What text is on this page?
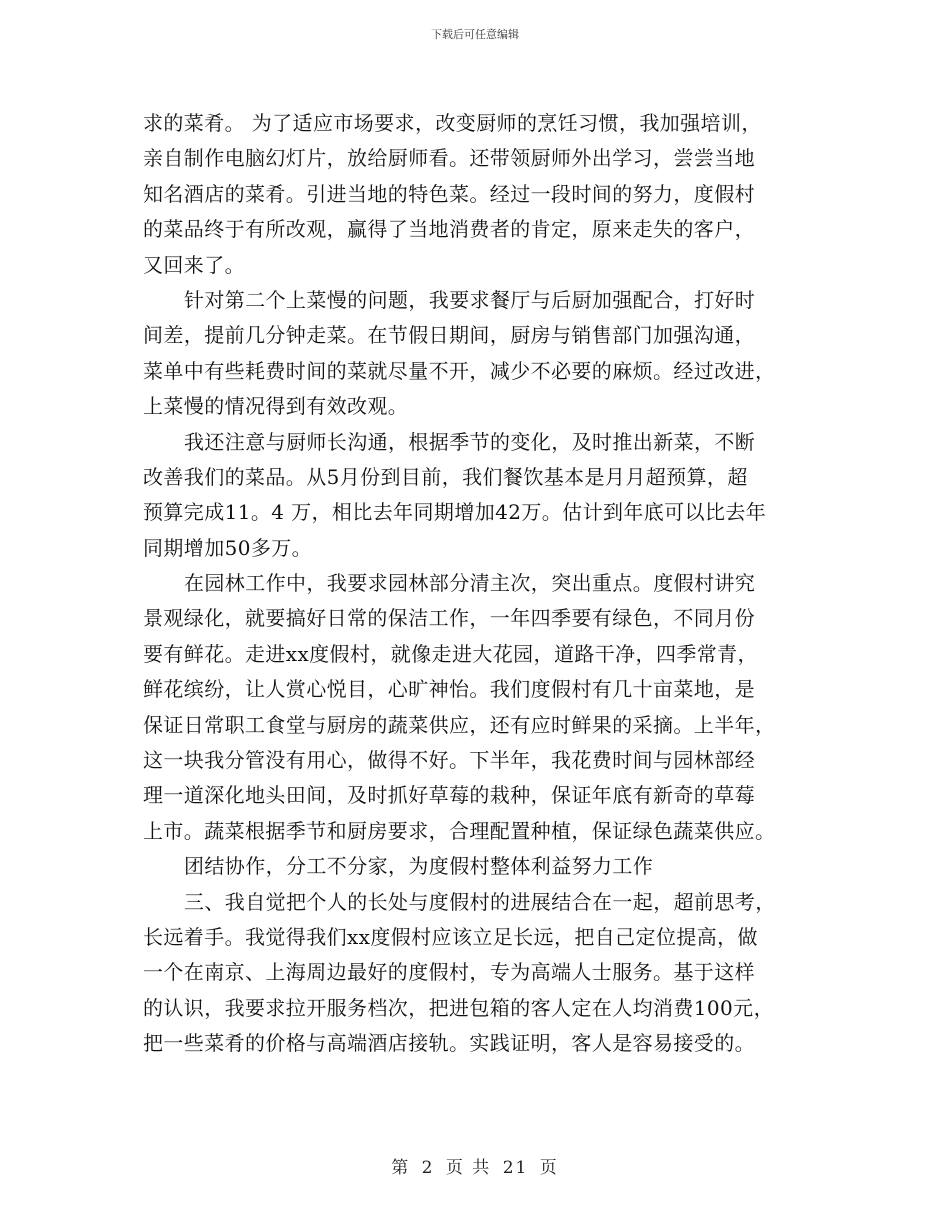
下载后可任意编辑
求的菜肴。 为了适应市场要求，改变厨师的烹饪习惯，我加强培训，
亲自制作电脑幻灯片，放给厨师看。还带领厨师外出学习，尝尝当地
知名酒店的菜肴。引进当地的特色菜。经过一段时间的努力，度假村
的菜品终于有所改观，赢得了当地消费者的肯定，原来走失的客户，
又回来了。
针对第二个上菜慢的问题，我要求餐厅与后厨加强配合，打好时
间差，提前几分钟走菜。在节假日期间，厨房与销售部门加强沟通，
菜单中有些耗费时间的菜就尽量不开，减少不必要的麻烦。经过改进，
上菜慢的情况得到有效改观。
我还注意与厨师长沟通，根据季节的变化，及时推出新菜，不断
改善我们的菜品。从5月份到目前，我们餐饮基本是月月超预算，超
预算完成11。4 万，相比去年同期增加42万。估计到年底可以比去年
同期增加50多万。
在园林工作中，我要求园林部分清主次，突出重点。度假村讲究
景观绿化，就要搞好日常的保洁工作，一年四季要有绿色，不同月份
要有鲜花。走进xx度假村，就像走进大花园，道路干净，四季常青，
鲜花缤纷，让人赏心悦目，心旷神怡。我们度假村有几十亩菜地，是
保证日常职工食堂与厨房的蔬菜供应，还有应时鲜果的采摘。上半年，
这一块我分管没有用心，做得不好。下半年，我花费时间与园林部经
理一道深化地头田间，及时抓好草莓的栽种，保证年底有新奇的草莓
上市。蔬菜根据季节和厨房要求，合理配置种植，保证绿色蔬菜供应。
团结协作，分工不分家，为度假村整体利益努力工作
三、我自觉把个人的长处与度假村的进展结合在一起，超前思考，
长远着手。我觉得我们xx度假村应该立足长远，把自己定位提高，做
一个在南京、上海周边最好的度假村，专为高端人士服务。基于这样
的认识，我要求拉开服务档次，把进包箱的客人定在人均消费100元，
把一些菜肴的价格与高端酒店接轨。实践证明，客人是容易接受的。
第 2 页 共 21 页
